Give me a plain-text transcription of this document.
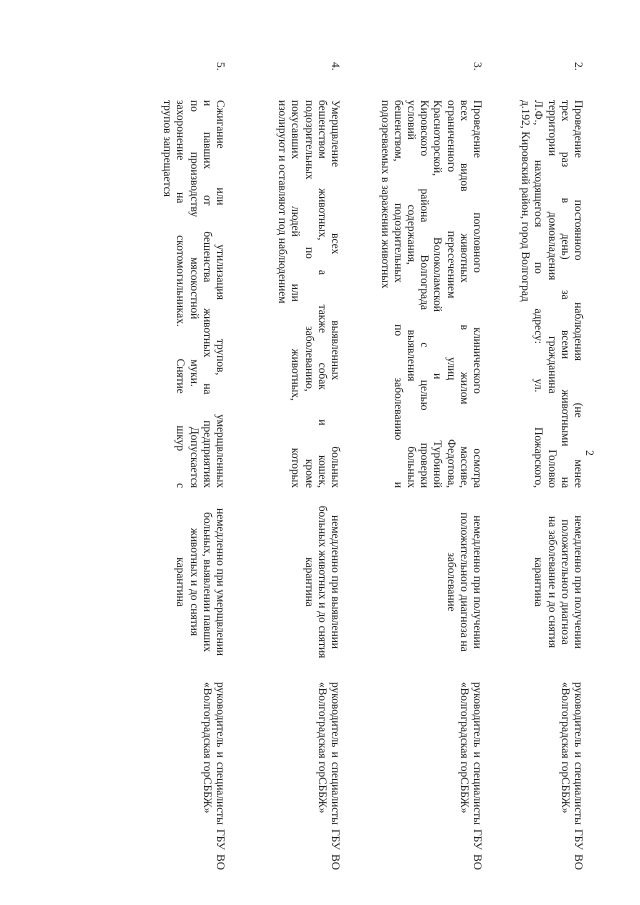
2
2.
Проведение постоянного наблюдения (не менее
трех раз в день) за всеми животными на
территории домовладения гражданина Головко
Л.Ф., находящегося по адресу: ул. Пожарского,
д.192, Кировский район, город Волгоград
немедленно при получении
положительного диагноза
на заболевание и до снятия
карантина
руководитель и специалисты ГБУ ВО
«Волгоградская горСББЖ»
3.
Проведение поголовного клинического осмотра
всех видов животных в жилом массиве,
ограниченного пересечением улиц Федотова,
Красноторской, Волоколамской и Турбиной
Кировского района Волгограда с целью проверки
условий содержания, выявления больных
бешенством, подозрительных по заболеванию и
подозреваемых в заражении животных
немедленно при получении
положительного диагноза на
заболевание
руководитель и специалисты ГБУ ВО
«Волгоградская горСББЖ»
4.
Умерщвление всех выявленных больных
бешенством животных, а также собак и кошек,
подозрительных по заболеванию, кроме
покусавших людей или животных, которых
изолируют и оставляют под наблюдением
немедленно при выявлении
больных животных и до снятия
карантина
руководитель и специалисты ГБУ ВО
«Волгоградская горСББЖ»
5.
Сжигание или утилизация трупов, умерщвленных
и павших от бешенства животных на предприятиях
по производству мясокостной муки. Допускается
захоронение на скотомогильниках. Снятие шкур с
трупов запрещается
немедленно при умерщвлении
больных, выявлении павших
животных и до снятия
карантина
руководитель и специалисты ГБУ ВО
«Волгоградская горСББЖ»
